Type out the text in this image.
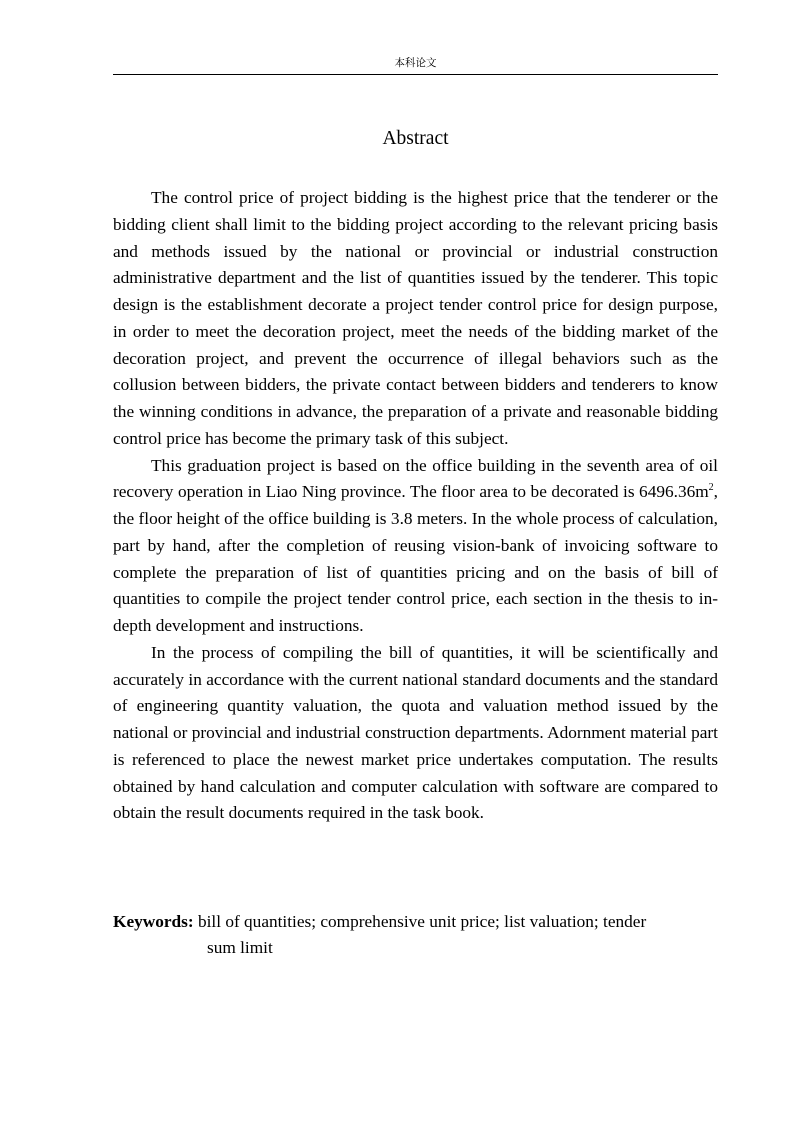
本科论文
Abstract

The control price of project bidding is the highest price that the tenderer or the bidding client shall limit to the bidding project according to the relevant pricing basis and methods issued by the national or provincial or industrial construction administrative department and the list of quantities issued by the tenderer. This topic design is the establishment decorate a project tender control price for design purpose, in order to meet the decoration project, meet the needs of the bidding market of the decoration project, and prevent the occurrence of illegal behaviors such as the collusion between bidders, the private contact between bidders and tenderers to know the winning conditions in advance, the preparation of a private and reasonable bidding control price has become the primary task of this subject.

This graduation project is based on the office building in the seventh area of oil recovery operation in Liao Ning province. The floor area to be decorated is $6496.36m^2$, the floor height of the office building is 3.8 meters. In the whole process of calculation, part by hand, after the completion of reusing vision-bank of invoicing software to complete the preparation of list of quantities pricing and on the basis of bill of quantities to compile the project tender control price, each section in the thesis to in-depth development and instructions.

In the process of compiling the bill of quantities, it will be scientifically and accurately in accordance with the current national standard documents and the standard of engineering quantity valuation, the quota and valuation method issued by the national or provincial and industrial construction departments. Adornment material part is referenced to place the newest market price undertakes computation. The results obtained by hand calculation and computer calculation with software are compared to obtain the result documents required in the task book.

Keywords: bill of quantities; comprehensive unit price; list valuation; tender
sum limit
